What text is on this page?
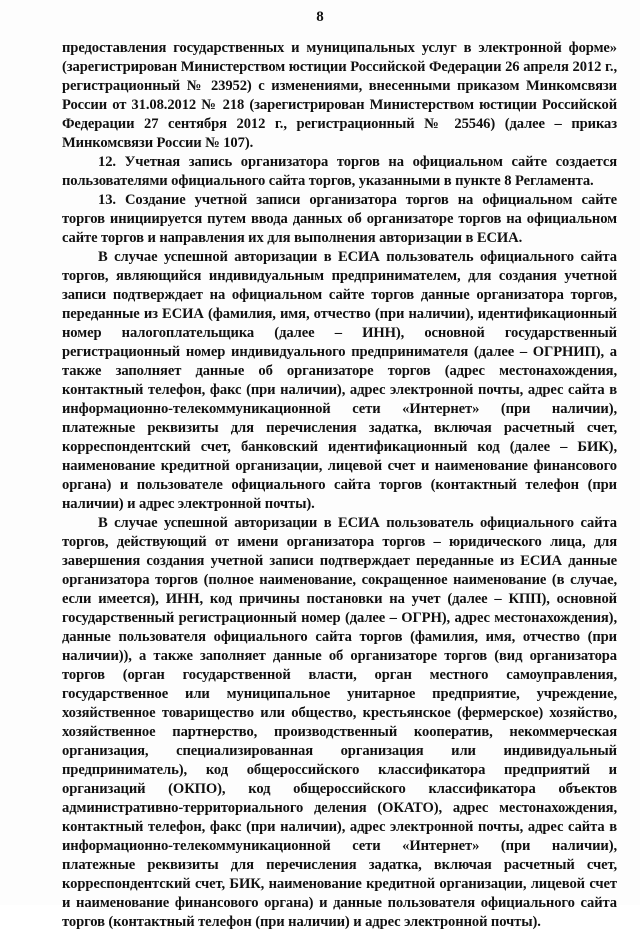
8

предоставления государственных и муниципальных услуг в электронной форме» (зарегистрирован Министерством юстиции Российской Федерации 26 апреля 2012 г., регистрационный № 23952) с изменениями, внесенными приказом Минкомсвязи России от 31.08.2012 № 218 (зарегистрирован Министерством юстиции Российской Федерации 27 сентября 2012 г., регистрационный № 25546) (далее – приказ Минкомсвязи России № 107).

12. Учетная запись организатора торгов на официальном сайте создается пользователями официального сайта торгов, указанными в пункте 8 Регламента.

13. Создание учетной записи организатора торгов на официальном сайте торгов инициируется путем ввода данных об организаторе торгов на официальном сайте торгов и направления их для выполнения авторизации в ЕСИА.

В случае успешной авторизации в ЕСИА пользователь официального сайта торгов, являющийся индивидуальным предпринимателем, для создания учетной записи подтверждает на официальном сайте торгов данные организатора торгов, переданные из ЕСИА (фамилия, имя, отчество (при наличии), идентификационный номер налогоплательщика (далее – ИНН), основной государственный регистрационный номер индивидуального предпринимателя (далее – ОГРНИП), а также заполняет данные об организаторе торгов (адрес местонахождения, контактный телефон, факс (при наличии), адрес электронной почты, адрес сайта в информационно-телекоммуникационной сети «Интернет» (при наличии), платежные реквизиты для перечисления задатка, включая расчетный счет, корреспондентский счет, банковский идентификационный код (далее – БИК), наименование кредитной организации, лицевой счет и наименование финансового органа) и пользователе официального сайта торгов (контактный телефон (при наличии) и адрес электронной почты).

В случае успешной авторизации в ЕСИА пользователь официального сайта торгов, действующий от имени организатора торгов – юридического лица, для завершения создания учетной записи подтверждает переданные из ЕСИА данные организатора торгов (полное наименование, сокращенное наименование (в случае, если имеется), ИНН, код причины постановки на учет (далее – КПП), основной государственный регистрационный номер (далее – ОГРН), адрес местонахождения), данные пользователя официального сайта торгов (фамилия, имя, отчество (при наличии)), а также заполняет данные об организаторе торгов (вид организатора торгов (орган государственной власти, орган местного самоуправления, государственное или муниципальное унитарное предприятие, учреждение, хозяйственное товарищество или общество, крестьянское (фермерское) хозяйство, хозяйственное партнерство, производственный кооператив, некоммерческая организация, специализированная организация или индивидуальный предприниматель), код общероссийского классификатора предприятий и организаций (ОКПО), код общероссийского классификатора объектов административно-территориального деления (ОКАТО), адрес местонахождения, контактный телефон, факс (при наличии), адрес электронной почты, адрес сайта в информационно-телекоммуникационной сети «Интернет» (при наличии), платежные реквизиты для перечисления задатка, включая расчетный счет, корреспондентский счет, БИК, наименование кредитной организации, лицевой счет и наименование финансового органа) и данные пользователя официального сайта торгов (контактный телефон (при наличии) и адрес электронной почты).
